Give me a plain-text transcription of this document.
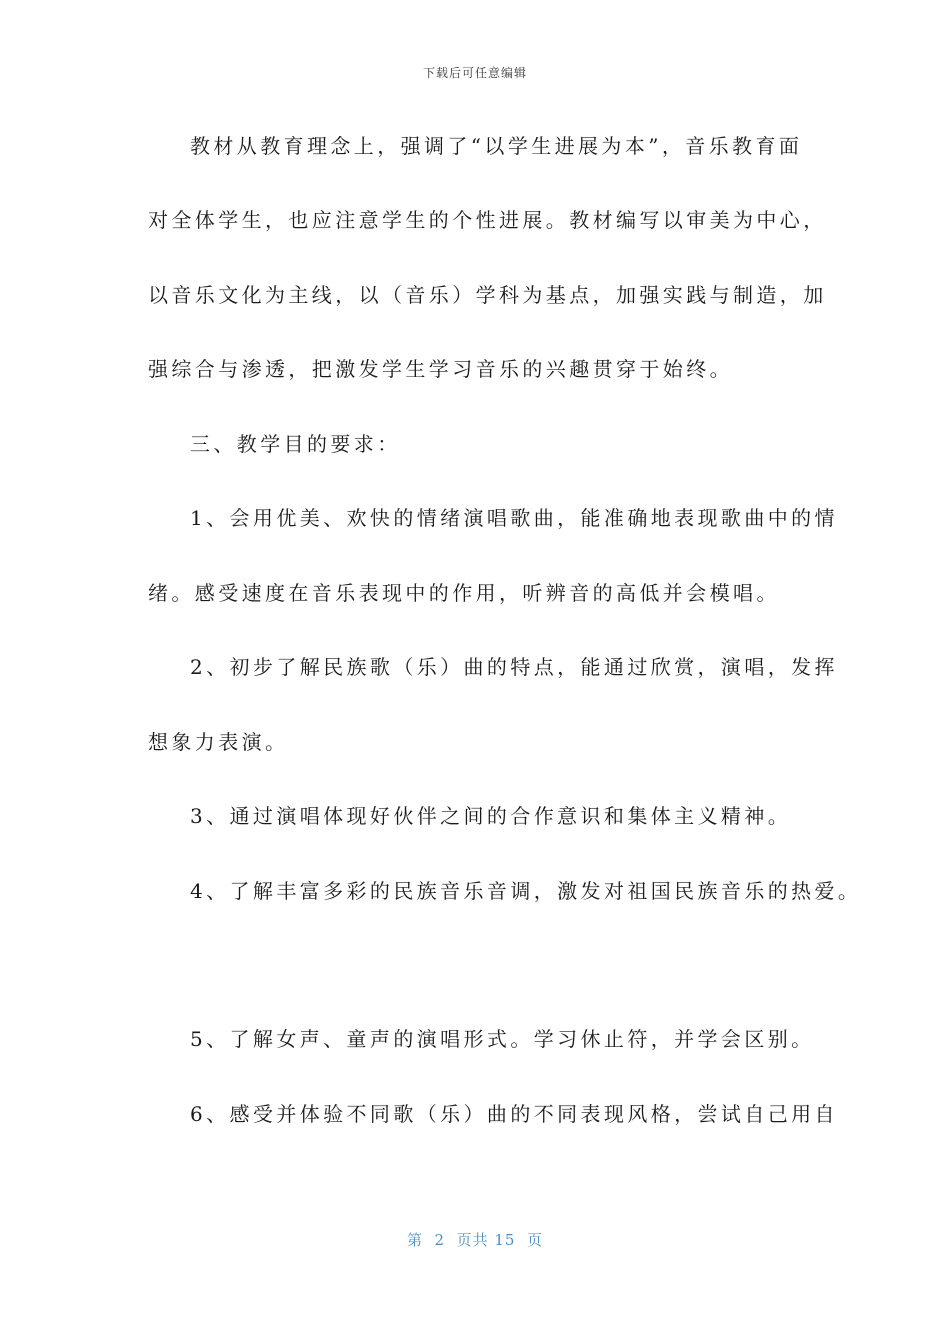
下载后可任意编辑
教材从教育理念上，强调了“以学生进展为本”，音乐教育面
对全体学生，也应注意学生的个性进展。教材编写以审美为中心，
以音乐文化为主线，以（音乐）学科为基点，加强实践与制造，加
强综合与渗透，把激发学生学习音乐的兴趣贯穿于始终。
三、教学目的要求：
1、会用优美、欢快的情绪演唱歌曲，能准确地表现歌曲中的情
绪。感受速度在音乐表现中的作用，听辨音的高低并会模唱。
2、初步了解民族歌（乐）曲的特点，能通过欣赏，演唱，发挥
想象力表演。
3、通过演唱体现好伙伴之间的合作意识和集体主义精神。
4、了解丰富多彩的民族音乐音调，激发对祖国民族音乐的热爱。
5、了解女声、童声的演唱形式。学习休止符，并学会区别。
6、感受并体验不同歌（乐）曲的不同表现风格，尝试自己用自
第  2  页共 15  页
